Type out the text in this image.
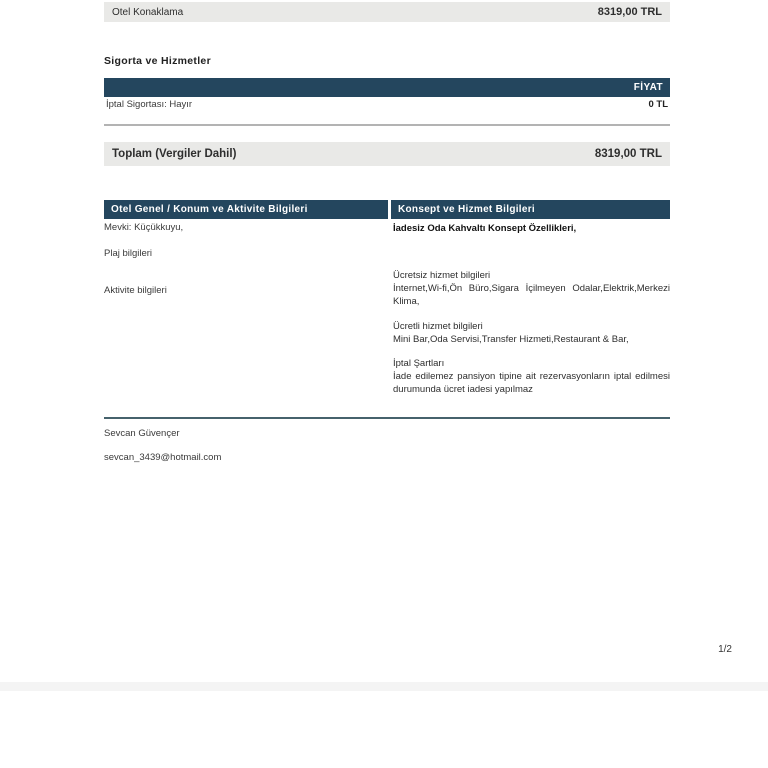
Otel Konaklama	8319,00 TRL
Sigorta ve Hizmetler
FİYAT
İptal Sigortası: Hayır	0 TL
Toplam (Vergiler Dahil)	8319,00 TRL
Otel Genel / Konum ve Aktivite Bilgileri	Konsept ve Hizmet Bilgileri

Mevki: Küçükkuyu,

Plaj bilgileri

Aktivite bilgileri

İadesiz Oda Kahvaltı Konsept Özellikleri,

Ücretsiz hizmet bilgileri

İnternet,Wi-fi,Ön Büro,Sigara İçilmeyen Odalar,Elektrik,Merkezi Klima,

Ücretli hizmet bilgileri

Mini Bar,Oda Servisi,Transfer Hizmeti,Restaurant & Bar,

İptal Şartları

İade edilemez pansiyon tipine ait rezervasyonların iptal edilmesi durumunda ücret iadesi yapılmaz

Sevcan Güvençer
sevcan_3439@hotmail.com
1/2
